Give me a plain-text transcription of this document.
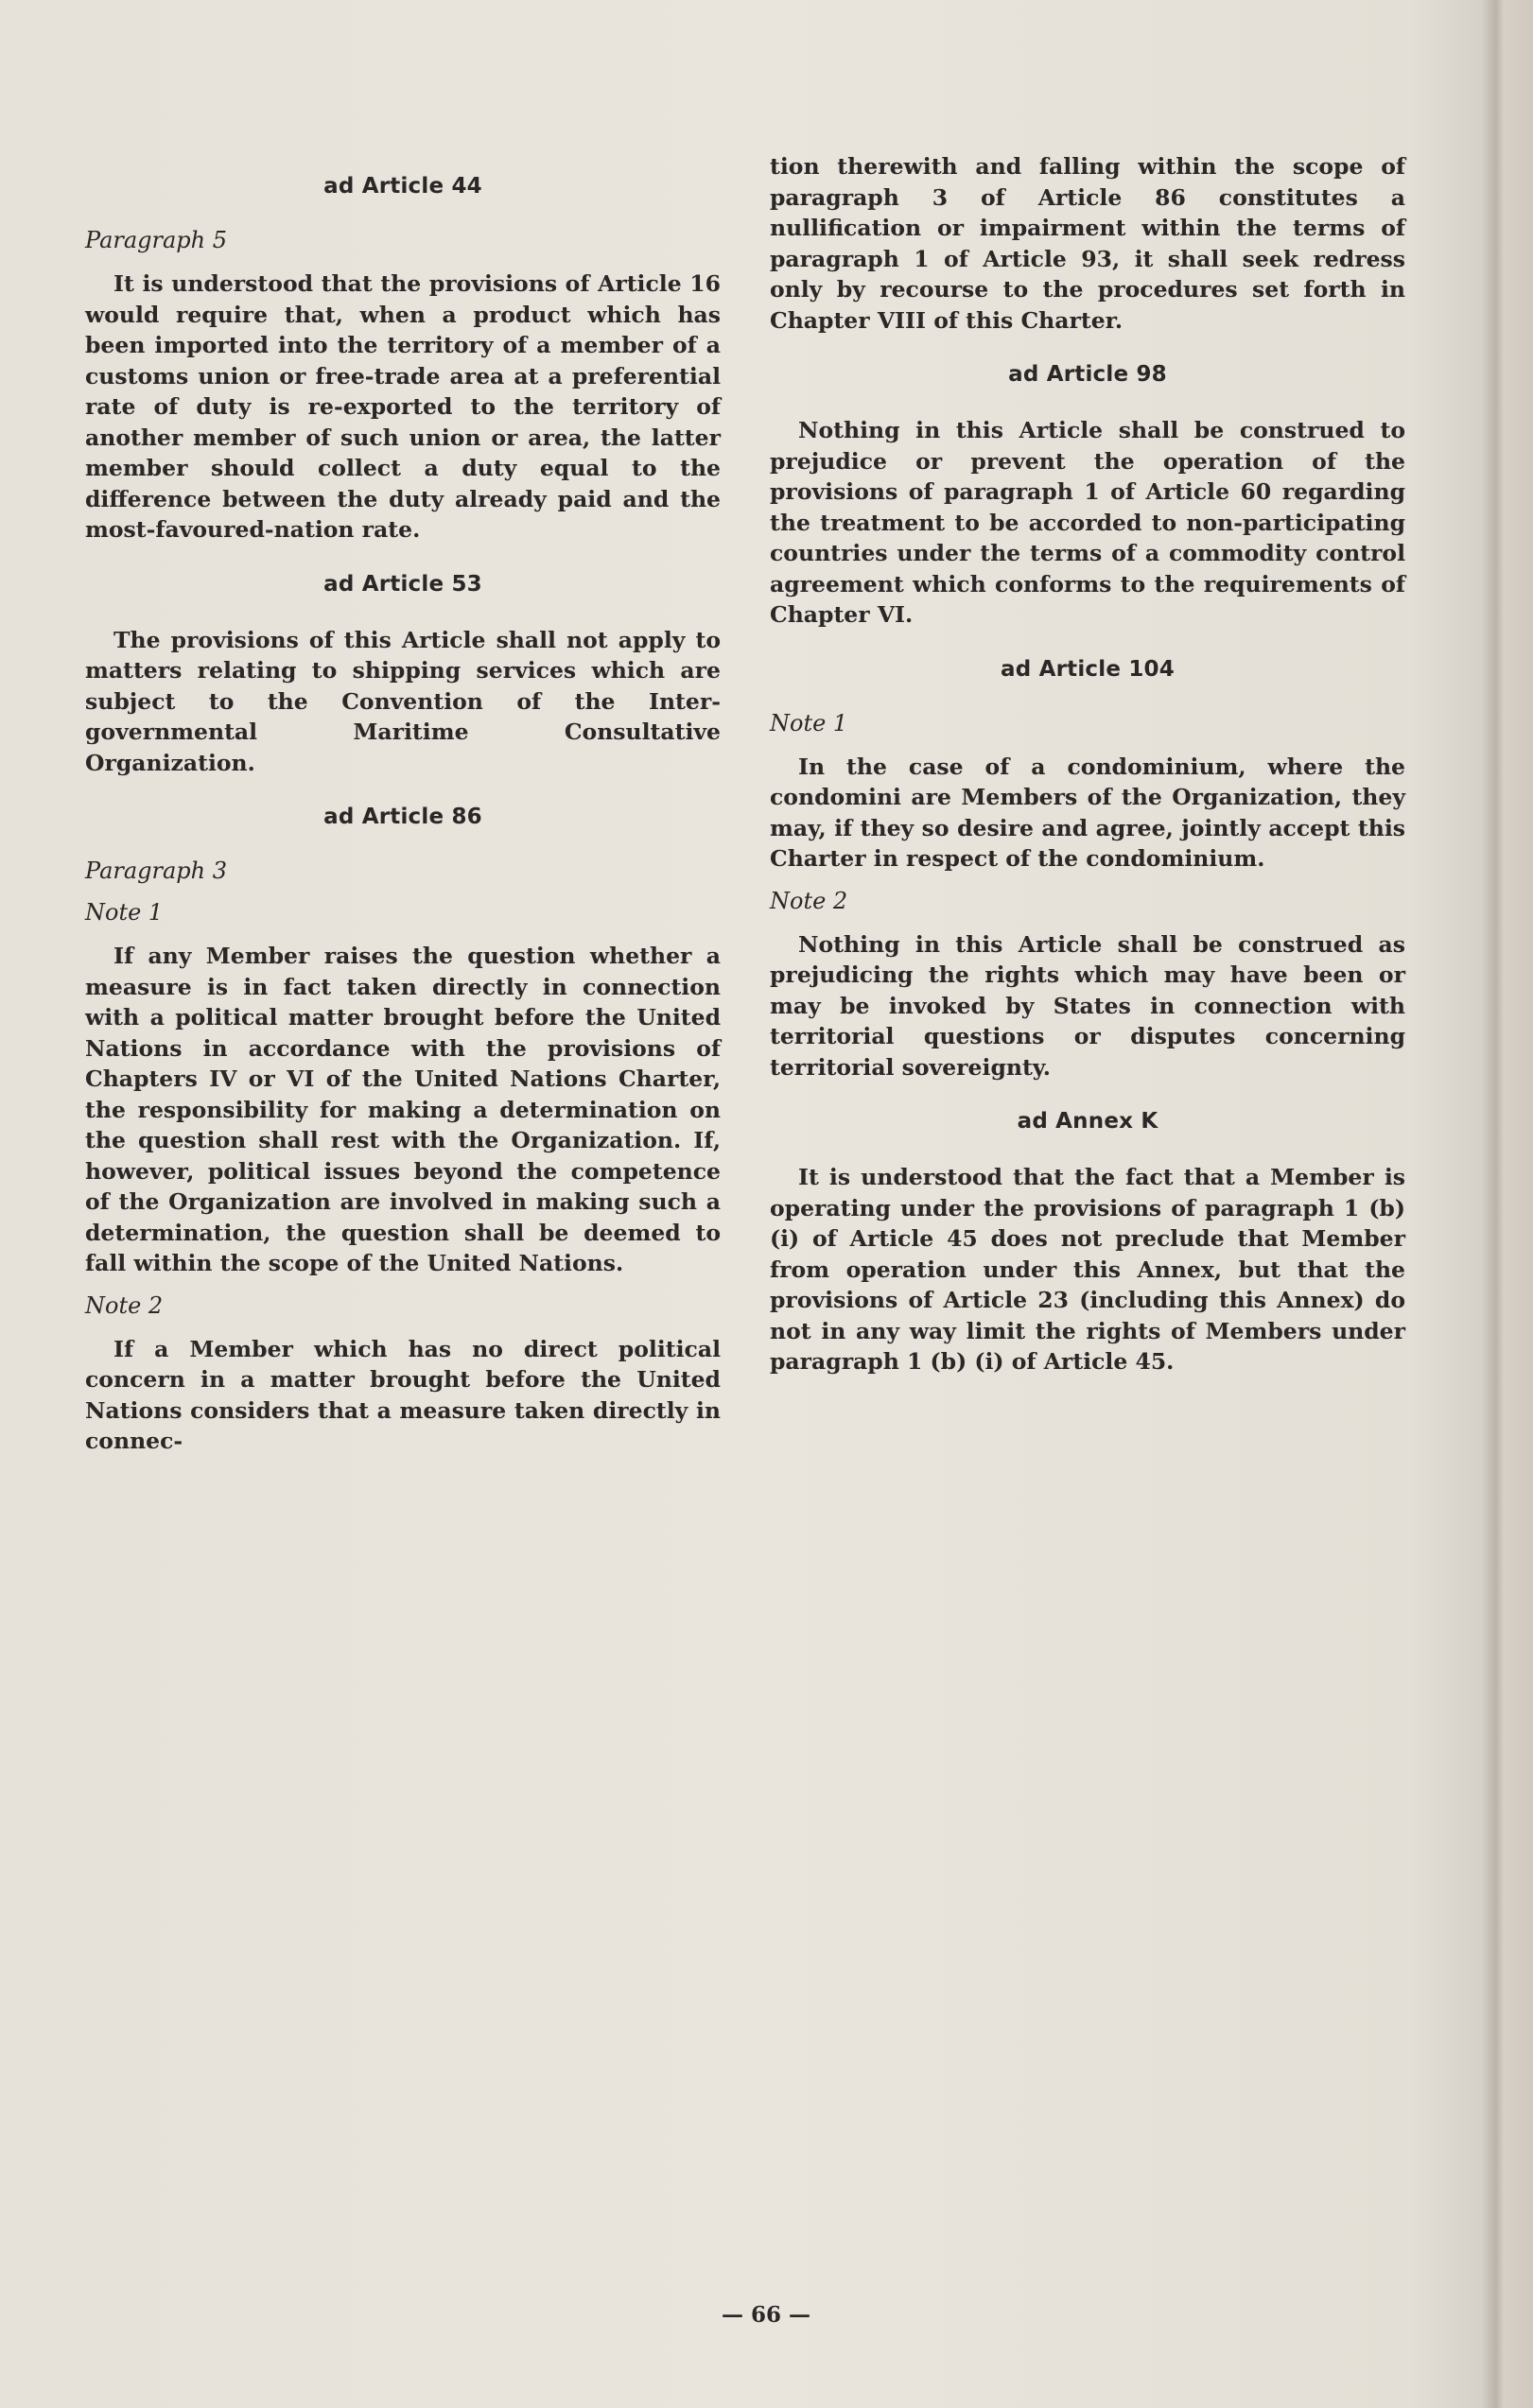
ad Article 44
Paragraph 5

It is understood that the provisions of Article 16 would require that, when a product which has been imported into the territory of a member of a customs union or free-trade area at a preferential rate of duty is re-exported to the territory of another member of such union or area, the latter member should collect a duty equal to the difference between the duty already paid and the most-favoured-nation rate.

ad Article 53

The provisions of this Article shall not apply to matters relating to shipping services which are subject to the Convention of the Inter-governmental Maritime Consultative Organization.

ad Article 86
Paragraph 3
Note 1

If any Member raises the question whether a measure is in fact taken directly in connection with a political matter brought before the United Nations in accordance with the provisions of Chapters IV or VI of the United Nations Charter, the responsibility for making a determination on the question shall rest with the Organization. If, however, political issues beyond the competence of the Organization are involved in making such a determination, the question shall be deemed to fall within the scope of the United Nations.

Note 2

If a Member which has no direct political concern in a matter brought before the United Nations considers that a measure taken directly in connec-

tion therewith and falling within the scope of paragraph 3 of Article 86 constitutes a nullification or impairment within the terms of paragraph 1 of Article 93, it shall seek redress only by recourse to the procedures set forth in Chapter VIII of this Charter.

ad Article 98

Nothing in this Article shall be construed to prejudice or prevent the operation of the provisions of paragraph 1 of Article 60 regarding the treatment to be accorded to non-participating countries under the terms of a commodity control agreement which conforms to the requirements of Chapter VI.

ad Article 104
Note 1

In the case of a condominium, where the condomini are Members of the Organization, they may, if they so desire and agree, jointly accept this Charter in respect of the condominium.

Note 2

Nothing in this Article shall be construed as prejudicing the rights which may have been or may be invoked by States in connection with territorial questions or disputes concerning territorial sovereignty.

ad Annex K

It is understood that the fact that a Member is operating under the provisions of paragraph 1 (b) (i) of Article 45 does not preclude that Member from operation under this Annex, but that the provisions of Article 23 (including this Annex) do not in any way limit the rights of Members under paragraph 1 (b) (i) of Article 45.

— 66 —
